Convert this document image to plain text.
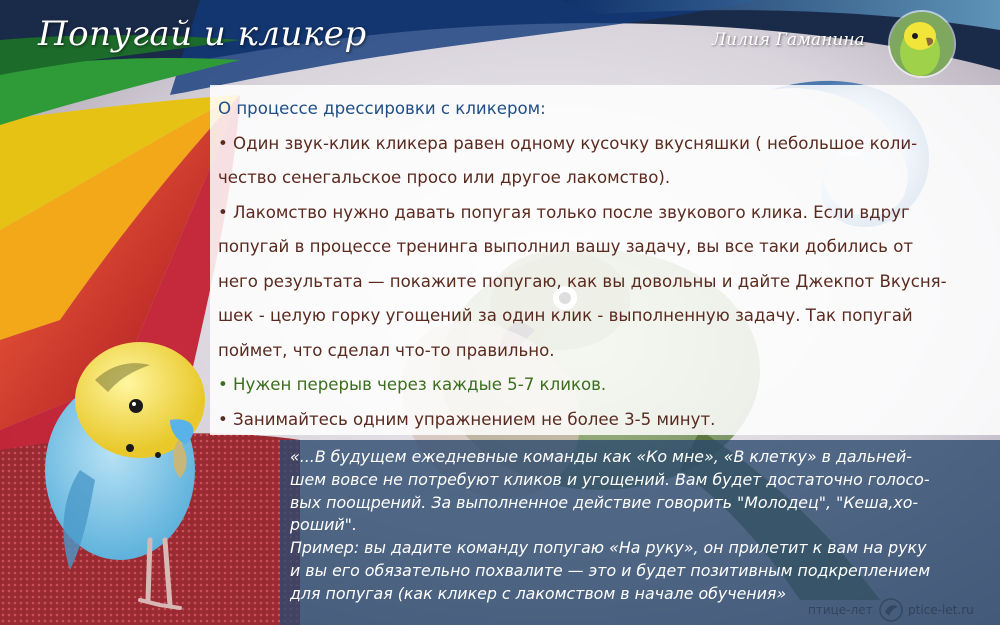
Попугай и кликер	Лилия Гаманина

О процессе дрессировки с кликером:

• Один звук-клик кликера равен одному кусочку вкусняшки ( небольшое коли-

чество сенегальское просо или другое лакомство).

• Лакомство нужно давать попугая только после звукового клика. Если вдруг

попугай в процессе тренинга выполнил вашу задачу, вы все таки добились от

него результата — покажите попугаю, как вы довольны и дайте Джекпот Вкусня-

шек - целую горку угощений за один клик - выполненную задачу. Так попугай

поймет, что сделал что-то правильно.

• Нужен перерыв через каждые 5-7 кликов.

• Занимайтесь одним упражнением не более 3-5 минут.

«...В будущем ежедневные команды как «Ко мне», «В клетку» в дальней-

шем вовсе не потребуют кликов и угощений. Вам будет достаточно голосо-

вых поощрений. За выполненное действие говорить "Молодец", "Кеша,хо-

роший".

Пример: вы дадите команду попугаю «На руку», он прилетит к вам на руку

и вы его обязательно похвалите — это и будет позитивным подкреплением

для попугая (как кликер с лакомством в начале обучения»

птице-лет	ptice-let.ru
